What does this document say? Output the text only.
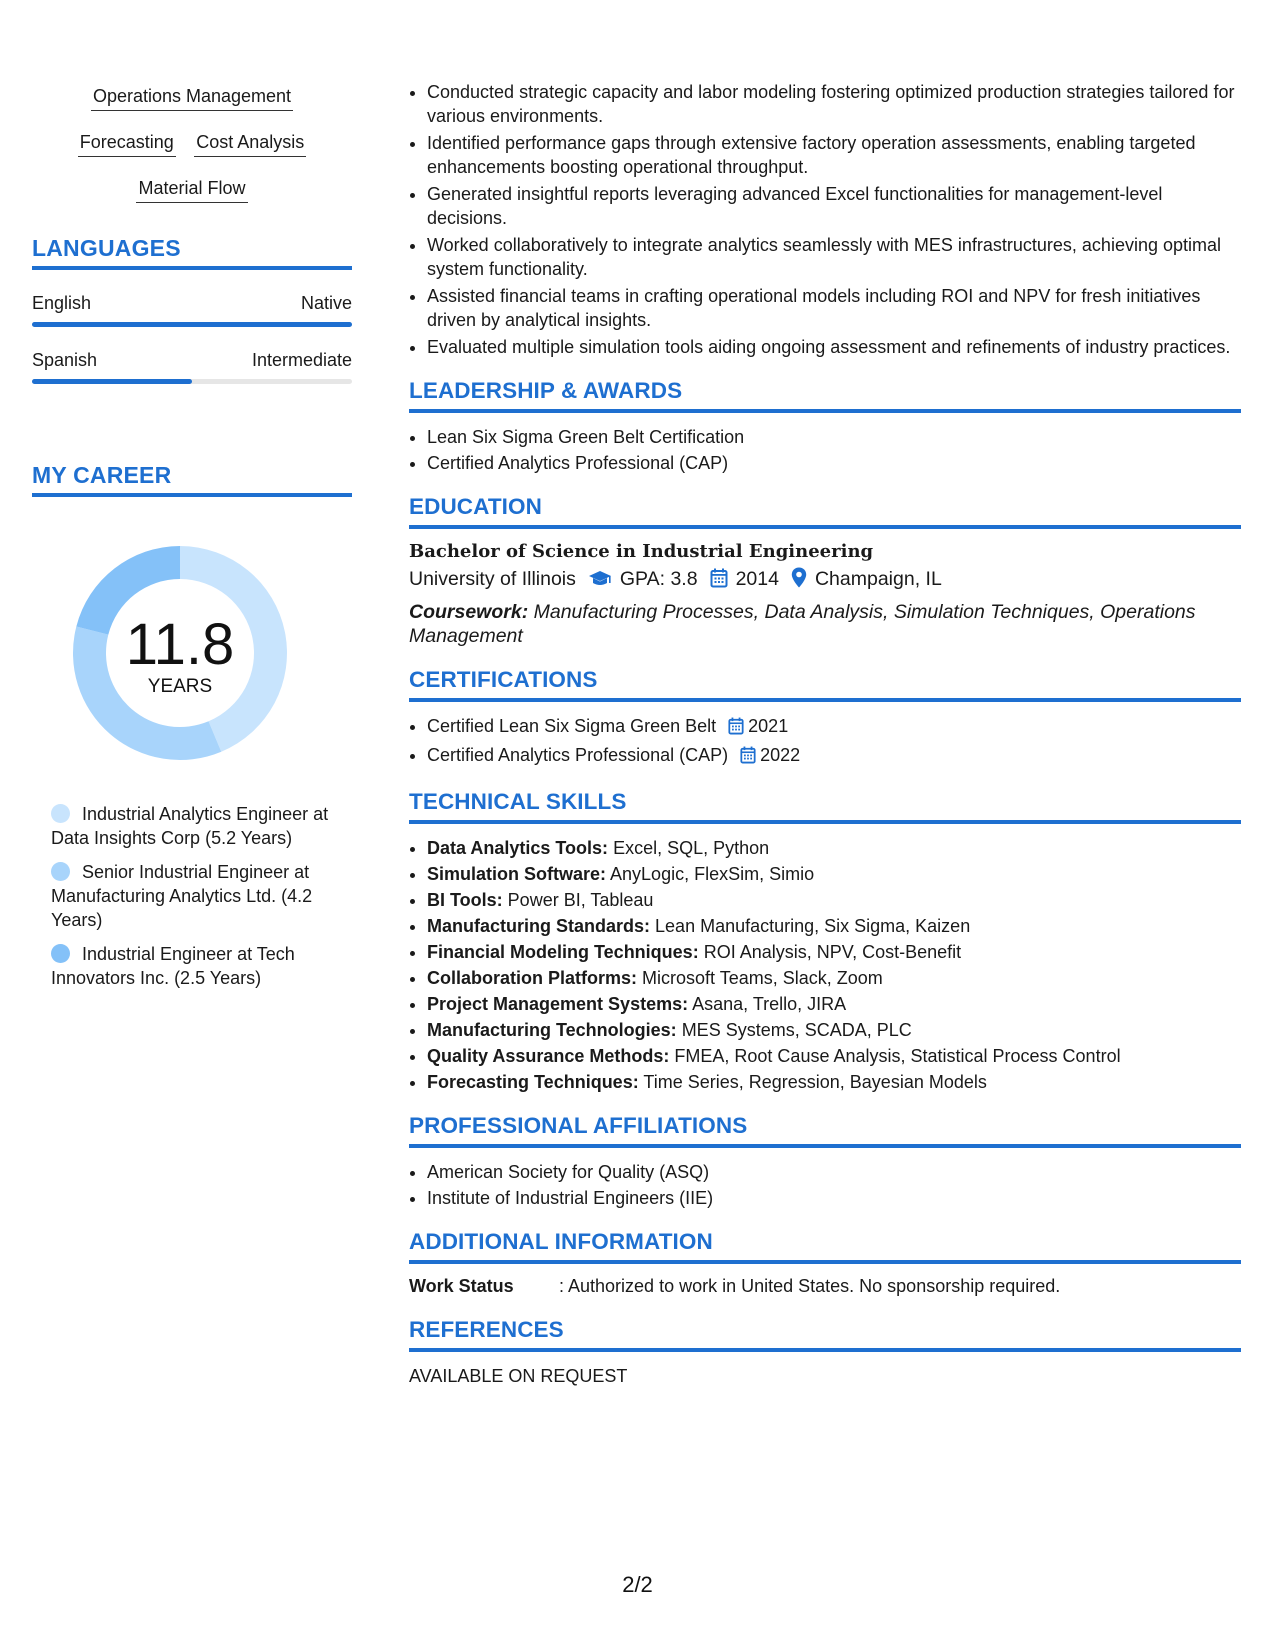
Operations Management
Forecasting Cost Analysis
Material Flow
LANGUAGES
English	Native
Spanish	Intermediate
MY CAREER
11.8
YEARS
Industrial Analytics Engineer at Data Insights Corp (5.2 Years)
Senior Industrial Engineer at Manufacturing Analytics Ltd. (4.2 Years)
Industrial Engineer at Tech Innovators Inc. (2.5 Years)
• Conducted strategic capacity and labor modeling fostering optimized production strategies tailored for various environments.
• Identified performance gaps through extensive factory operation assessments, enabling targeted enhancements boosting operational throughput.
• Generated insightful reports leveraging advanced Excel functionalities for management-level decisions.
• Worked collaboratively to integrate analytics seamlessly with MES infrastructures, achieving optimal system functionality.
• Assisted financial teams in crafting operational models including ROI and NPV for fresh initiatives driven by analytical insights.
• Evaluated multiple simulation tools aiding ongoing assessment and refinements of industry practices.
LEADERSHIP & AWARDS
• Lean Six Sigma Green Belt Certification
• Certified Analytics Professional (CAP)
EDUCATION
Bachelor of Science in Industrial Engineering
University of Illinois GPA: 3.8 2014 Champaign, IL
Coursework: Manufacturing Processes, Data Analysis, Simulation Techniques, Operations Management
CERTIFICATIONS
• Certified Lean Six Sigma Green Belt 2021
• Certified Analytics Professional (CAP) 2022
TECHNICAL SKILLS
• Data Analytics Tools: Excel, SQL, Python
• Simulation Software: AnyLogic, FlexSim, Simio
• BI Tools: Power BI, Tableau
• Manufacturing Standards: Lean Manufacturing, Six Sigma, Kaizen
• Financial Modeling Techniques: ROI Analysis, NPV, Cost-Benefit
• Collaboration Platforms: Microsoft Teams, Slack, Zoom
• Project Management Systems: Asana, Trello, JIRA
• Manufacturing Technologies: MES Systems, SCADA, PLC
• Quality Assurance Methods: FMEA, Root Cause Analysis, Statistical Process Control
• Forecasting Techniques: Time Series, Regression, Bayesian Models
PROFESSIONAL AFFILIATIONS
• American Society for Quality (ASQ)
• Institute of Industrial Engineers (IIE)
ADDITIONAL INFORMATION
Work Status	: Authorized to work in United States. No sponsorship required.
REFERENCES
AVAILABLE ON REQUEST
2/2
